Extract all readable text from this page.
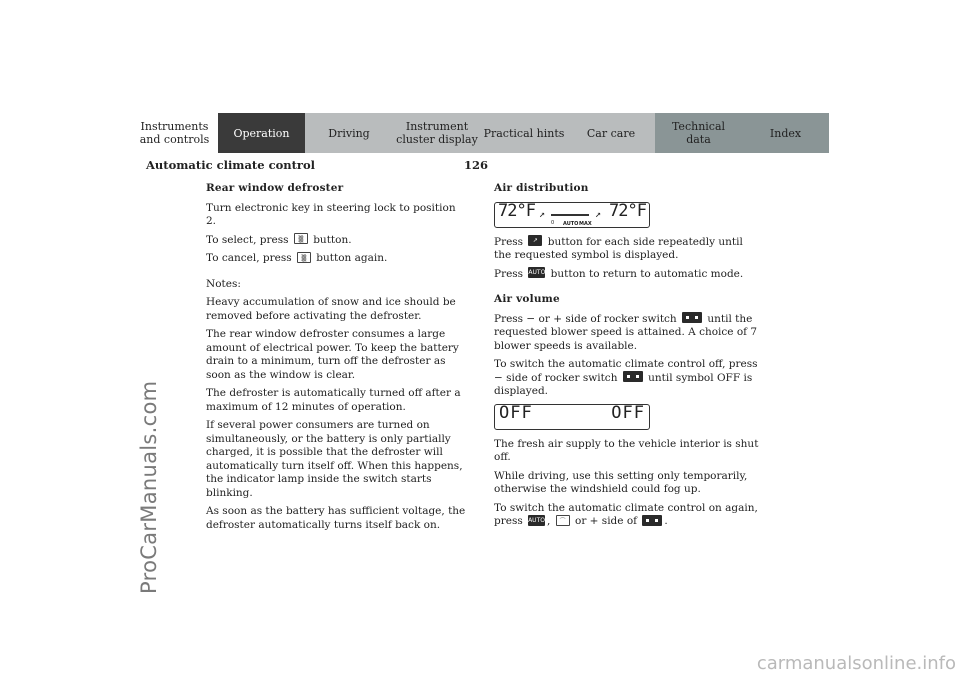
ProCarManuals.com
Instruments
and controls	Operation	Driving	Instrument
cluster display Practical hints	Car care	Technical
data	Index
Automatic climate control	126
Rear window defroster

Turn electronic key in steering lock to position 2.

To select, press ▒ button.

To cancel, press ▒ button again.

Notes:

Heavy accumulation of snow and ice should be removed before activating the defroster.

The rear window defroster consumes a large amount of electrical power. To keep the battery drain to a minimum, turn off the defroster as soon as the window is clear.

The defroster is automatically turned off after a maximum of 12 minutes of operation.

If several power consumers are turned on simultaneously, or the battery is only partially charged, it is possible that the defroster will automatically turn itself off. When this happens, the indicator lamp inside the switch starts blinking.

As soon as the battery has sufficient voltage, the defroster automatically turns itself back on.

Air distribution
72°F ↗
0 AUTO MAX
↗ 72°F

Press ↗ button for each side repeatedly until the requested symbol is displayed.

Press AUTO button to return to automatic mode.

Air volume

Press − or + side of rocker switch  until the requested blower speed is attained. A choice of 7 blower speeds is available.

To switch the automatic climate control off, press − side of rocker switch  until symbol OFF is displayed.

OFF	OFF

The fresh air supply to the vehicle interior is shut off.

While driving, use this setting only temporarily, otherwise the windshield could fog up.

To switch the automatic climate control on again, press AUTO , ⌒ or + side of .

carmanualsonline.info
